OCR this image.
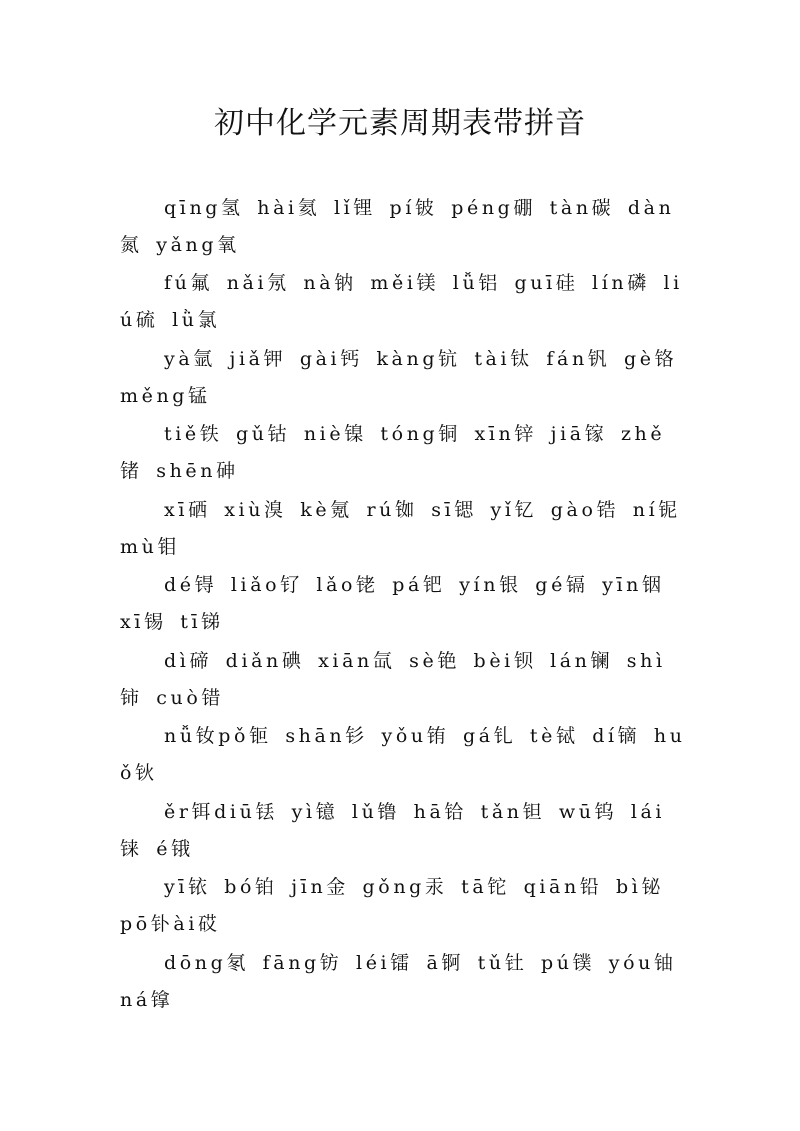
初中化学元素周期表带拼音

qīng氢 hài氦 lǐ锂 pí铍 péng硼 tàn碳 dàn氮 yǎng氧

fú氟 nǎi氖 nà钠 měi镁 lǚ铝 guī硅 lín磷 liú硫 lǜ氯

yà氩 jiǎ钾 gài钙 kàng钪 tài钛 fán钒 gè铬 měng锰

tiě铁 gǔ钴 niè镍 tóng铜 xīn锌 jiā镓 zhě锗 shēn砷

xī硒 xiù溴 kè氪 rú铷 sī锶 yǐ钇 gào锆 ní铌 mù钼

dé锝 liǎo钌 lǎo铑 pá钯 yín银 gé镉 yīn铟 xī锡 tī锑

dì碲 diǎn碘 xiān氙 sè铯 bèi钡 lán镧 shì铈 cuò错

nǚ钕pǒ钷 shān钐 yǒu铕 gá钆 tè铽 dí镝 huǒ钬

ěr铒diū铥 yì镱 lǔ镥 hā铪 tǎn钽 wū钨 lái铼 é锇

yī铱 bó铂 jīn金 gǒng汞 tā铊 qiān铅 bì铋 pō钋ài砹

dōng氡 fāng钫 léi镭 ā锕 tǔ钍 pú镤 yóu铀 ná镎
